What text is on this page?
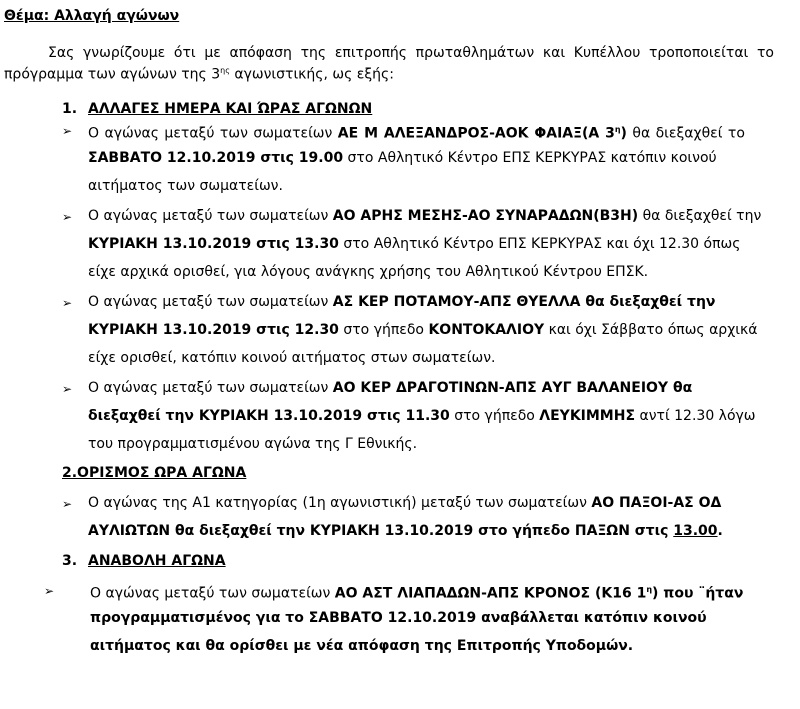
Θέμα: Αλλαγή αγώνων
Σας γνωρίζουμε ότι με απόφαση της επιτροπής πρωταθλημάτων και Κυπέλλου τροποποιείται το
πρόγραμμα των αγώνων της $3^{\eta\varsigma}$ αγωνιστικής, ως εξής:
1. ΑΛΛΑΓΕΣ ΗΜΕΡΑ ΚΑΙ ΏΡΑΣ ΑΓΩΝΩΝ
➢ Ο αγώνας μεταξύ των σωματείων ΑΕ Μ ΑΛΕΞΑΝΔΡΟΣ-ΑΟΚ ΦΑΙΑΞ(Α $3^\eta$) θα διεξαχθεί το
ΣΑΒΒΑΤΟ 12.10.2019 στις 19.00 στο Αθλητικό Κέντρο ΕΠΣ ΚΕΡΚΥΡΑΣ κατόπιν κοινού
αιτήματος των σωματείων.
➢ Ο αγώνας μεταξύ των σωματείων ΑΟ ΑΡΗΣ ΜΕΣΗΣ-ΑΟ ΣΥΝΑΡΑΔΩΝ(Β3Η) θα διεξαχθεί την
ΚΥΡΙΑΚΗ 13.10.2019 στις 13.30 στο Αθλητικό Κέντρο ΕΠΣ ΚΕΡΚΥΡΑΣ και όχι 12.30 όπως
είχε αρχικά ορισθεί, για λόγους ανάγκης χρήσης του Αθλητικού Κέντρου ΕΠΣΚ.
➢ Ο αγώνας μεταξύ των σωματείων ΑΣ ΚΕΡ ΠΟΤΑΜΟΥ-ΑΠΣ ΘΥΕΛΛΑ θα διεξαχθεί την
ΚΥΡΙΑΚΗ 13.10.2019 στις 12.30 στο γήπεδο ΚΟΝΤΟΚΑΛΙΟΥ και όχι Σάββατο όπως αρχικά
είχε ορισθεί, κατόπιν κοινού αιτήματος στων σωματείων.
➢ Ο αγώνας μεταξύ των σωματείων ΑΟ ΚΕΡ ΔΡΑΓΟΤΙΝΩΝ-ΑΠΣ ΑΥΓ ΒΑΛΑΝΕΙΟΥ θα
διεξαχθεί την ΚΥΡΙΑΚΗ 13.10.2019 στις 11.30 στο γήπεδο ΛΕΥΚΙΜΜΗΣ αντί 12.30 λόγω
του προγραμματισμένου αγώνα της Γ Εθνικής.
2.ΟΡΙΣΜΟΣ ΩΡΑ ΑΓΩΝΑ
➢ Ο αγώνας της Α1 κατηγορίας (1η αγωνιστική) μεταξύ των σωματείων ΑΟ ΠΑΞΟΙ-ΑΣ ΟΔ
ΑΥΛΙΩΤΩΝ θα διεξαχθεί την ΚΥΡΙΑΚΗ 13.10.2019 στο γήπεδο ΠΑΞΩΝ στις 13.00.
3. ΑΝΑΒΟΛΗ ΑΓΩΝΑ
➢	Ο αγώνας μεταξύ των σωματείων ΑΟ ΑΣΤ ΛΙΑΠΑΔΩΝ-ΑΠΣ ΚΡΟΝΟΣ (Κ16 $1^\eta$) που ¨ήταν
προγραμματισμένος για το ΣΑΒΒΑΤΟ 12.10.2019 αναβάλλεται κατόπιν κοινού
αιτήματος και θα ορίσθει με νέα απόφαση της Επιτροπής Υποδομών.
